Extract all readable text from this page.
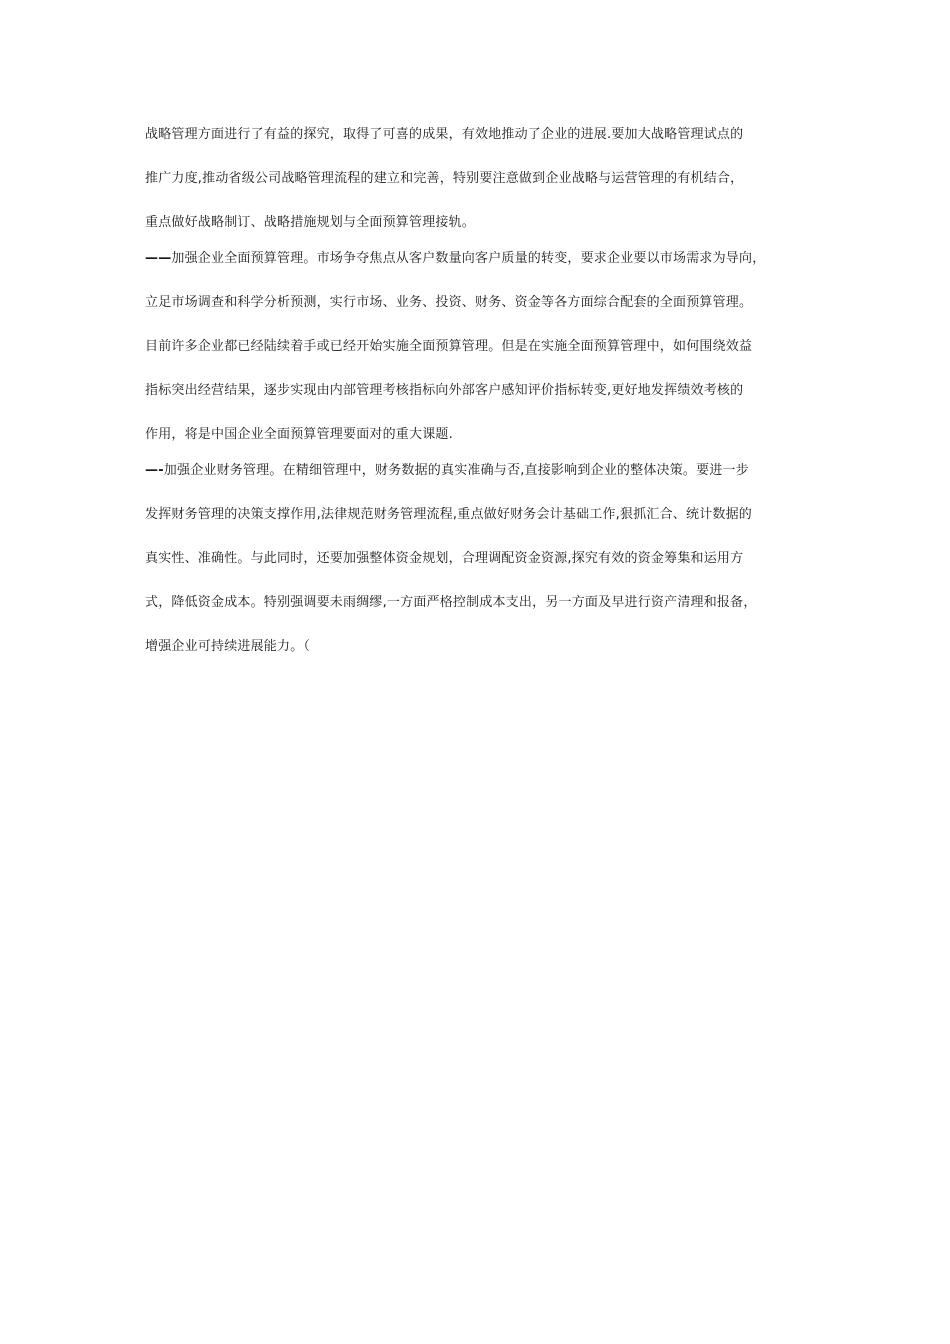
战略管理方面进行了有益的探究，取得了可喜的成果，有效地推动了企业的进展.要加大战略管理试点的
推广力度,推动省级公司战略管理流程的建立和完善，特别要注意做到企业战略与运营管理的有机结合，
重点做好战略制订、战略措施规划与全面预算管理接轨。
——加强企业全面预算管理。市场争夺焦点从客户数量向客户质量的转变，要求企业要以市场需求为导向，
立足市场调查和科学分析预测，实行市场、业务、投资、财务、资金等各方面综合配套的全面预算管理。
目前许多企业都已经陆续着手或已经开始实施全面预算管理。但是在实施全面预算管理中，如何围绕效益
指标突出经营结果，逐步实现由内部管理考核指标向外部客户感知评价指标转变,更好地发挥绩效考核的
作用，将是中国企业全面预算管理要面对的重大课题.
—-加强企业财务管理。在精细管理中，财务数据的真实准确与否,直接影响到企业的整体决策。要进一步
发挥财务管理的决策支撑作用,法律规范财务管理流程,重点做好财务会计基础工作,狠抓汇合、统计数据的
真实性、准确性。与此同时，还要加强整体资金规划，合理调配资金资源,探究有效的资金筹集和运用方
式，降低资金成本。特别强调要未雨绸缪,一方面严格控制成本支出，另一方面及早进行资产清理和报备，
增强企业可持续进展能力。（
